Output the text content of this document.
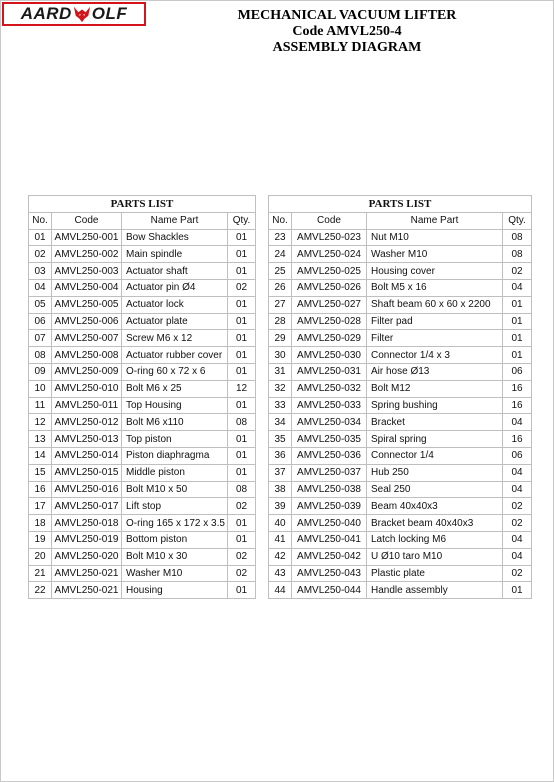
AARD OLF	MECHANICAL VACUUM LIFTER
Code AMVL250-4
ASSEMBLY DIAGRAM
PARTS LIST			
No.	Code	Name Part	Qty.
01	AMVL250-001	Bow Shackles	01
02	AMVL250-002	Main spindle	01
03	AMVL250-003	Actuator shaft	01
04	AMVL250-004	Actuator pin Ø4	02
05	AMVL250-005	Actuator lock	01
06	AMVL250-006	Actuator plate	01
07	AMVL250-007	Screw M6 x 12	01
08	AMVL250-008	Actuator rubber cover	01
09	AMVL250-009	O-ring 60 x 72 x 6	01
10	AMVL250-010	Bolt M6 x 25	12
11	AMVL250-011	Top Housing	01
12	AMVL250-012	Bolt M6 x110	08
13	AMVL250-013	Top piston	01
14	AMVL250-014	Piston diaphragma	01
15	AMVL250-015	Middle piston	01
16	AMVL250-016	Bolt M10 x 50	08
17	AMVL250-017	Lift stop	02
18	AMVL250-018	O-ring 165 x 172 x 3.5	01
19	AMVL250-019	Bottom piston	01
20	AMVL250-020	Bolt M10 x 30	02
21	AMVL250-021	Washer M10	02
22	AMVL250-021	Housing	01
PARTS LIST			
No.	Code	Name Part	Qty.
23	AMVL250-023	Nut M10	08
24	AMVL250-024	Washer M10	08
25	AMVL250-025	Housing cover	02
26	AMVL250-026	Bolt M5 x 16	04
27	AMVL250-027	Shaft beam 60 x 60 x 2200	01
28	AMVL250-028	Filter pad	01
29	AMVL250-029	Filter	01
30	AMVL250-030	Connector 1/4 x 3	01
31	AMVL250-031	Air hose Ø13	06
32	AMVL250-032	Bolt M12	16
33	AMVL250-033	Spring bushing	16
34	AMVL250-034	Bracket	04
35	AMVL250-035	Spiral spring	16
36	AMVL250-036	Connector 1/4	06
37	AMVL250-037	Hub 250	04
38	AMVL250-038	Seal 250	04
39	AMVL250-039	Beam 40x40x3	02
40	AMVL250-040	Bracket beam 40x40x3	02
41	AMVL250-041	Latch locking M6	04
42	AMVL250-042	U Ø10 taro M10	04
43	AMVL250-043	Plastic plate	02
44	AMVL250-044	Handle assembly	01
